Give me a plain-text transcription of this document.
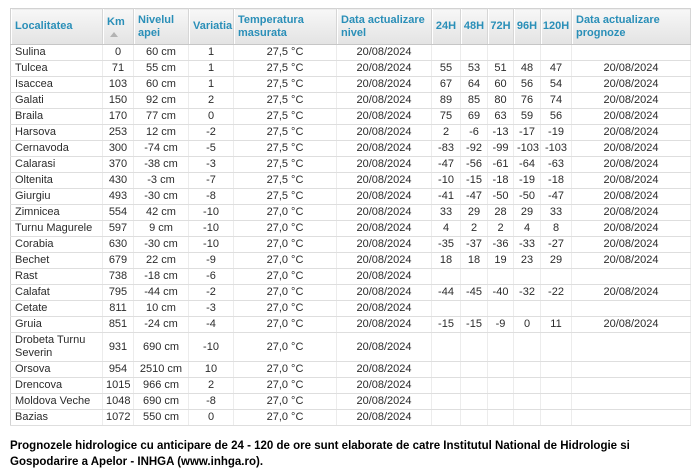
Localitatea	Km	Nivelul apei	Variatia	Temperatura masurata	Data actualizare nivel	24H	48H	72H	96H	120H	Data actualizare prognoze
Sulina	0	60 cm	1	27,5 °C	20/08/2024						
Tulcea	71	55 cm	1	27,5 °C	20/08/2024	55	53	51	48	47	20/08/2024
Isaccea	103	60 cm	1	27,5 °C	20/08/2024	67	64	60	56	54	20/08/2024
Galati	150	92 cm	2	27,5 °C	20/08/2024	89	85	80	76	74	20/08/2024
Braila	170	77 cm	0	27,5 °C	20/08/2024	75	69	63	59	56	20/08/2024
Harsova	253	12 cm	-2	27,5 °C	20/08/2024	2	-6	-13	-17	-19	20/08/2024
Cernavoda	300	-74 cm	-5	27,5 °C	20/08/2024	-83	-92	-99	-103	-103	20/08/2024
Calarasi	370	-38 cm	-3	27,5 °C	20/08/2024	-47	-56	-61	-64	-63	20/08/2024
Oltenita	430	-3 cm	-7	27,5 °C	20/08/2024	-10	-15	-18	-19	-18	20/08/2024
Giurgiu	493	-30 cm	-8	27,5 °C	20/08/2024	-41	-47	-50	-50	-47	20/08/2024
Zimnicea	554	42 cm	-10	27,0 °C	20/08/2024	33	29	28	29	33	20/08/2024
Turnu Magurele	597	9 cm	-10	27,0 °C	20/08/2024	4	2	2	4	8	20/08/2024
Corabia	630	-30 cm	-10	27,0 °C	20/08/2024	-35	-37	-36	-33	-27	20/08/2024
Bechet	679	22 cm	-9	27,0 °C	20/08/2024	18	18	19	23	29	20/08/2024
Rast	738	-18 cm	-6	27,0 °C	20/08/2024						
Calafat	795	-44 cm	-2	27,0 °C	20/08/2024	-44	-45	-40	-32	-22	20/08/2024
Cetate	811	10 cm	-3	27,0 °C	20/08/2024						
Gruia	851	-24 cm	-4	27,0 °C	20/08/2024	-15	-15	-9	0	11	20/08/2024
Drobeta Turnu Severin	931	690 cm	-10	27,0 °C	20/08/2024						
Orsova	954	2510 cm	10	27,0 °C	20/08/2024						
Drencova	1015	966 cm	2	27,0 °C	20/08/2024						
Moldova Veche	1048	690 cm	-8	27,0 °C	20/08/2024						
Bazias	1072	550 cm	0	27,0 °C	20/08/2024						

Prognozele hidrologice cu anticipare de 24 - 120 de ore sunt elaborate de catre Institutul National de Hidrologie si Gospodarire a Apelor - INHGA (www.inhga.ro).
